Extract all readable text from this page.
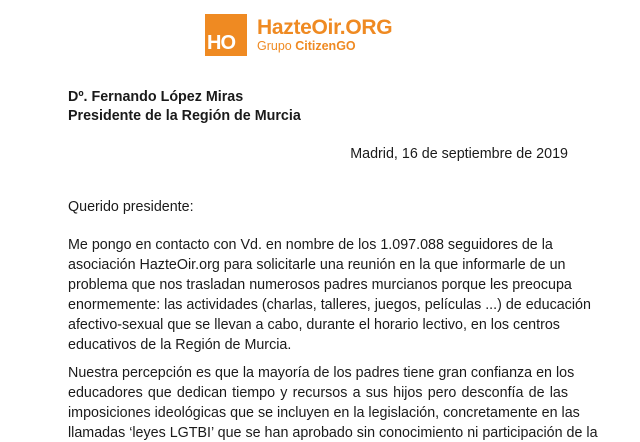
HO
HazteOir.ORG
Grupo CitizenGO
Dº. Fernando López Miras
Presidente de la Región de Murcia
Madrid, 16 de septiembre de 2019
Querido presidente:
Me pongo en contacto con Vd. en nombre de los 1.097.088 seguidores de la
asociación HazteOir.org para solicitarle una reunión en la que informarle de un
problema que nos trasladan numerosos padres murcianos porque les preocupa
enormemente: las actividades (charlas, talleres, juegos, películas ...) de educación
afectivo-sexual que se llevan a cabo, durante el horario lectivo, en los centros
educativos de la Región de Murcia.
Nuestra percepción es que la mayoría de los padres tiene gran confianza en los
educadores que dedican tiempo y recursos a sus hijos pero desconfía de las
imposiciones ideológicas que se incluyen en la legislación, concretamente en las
llamadas ‘leyes LGTBI’ que se han aprobado sin conocimiento ni participación de la
